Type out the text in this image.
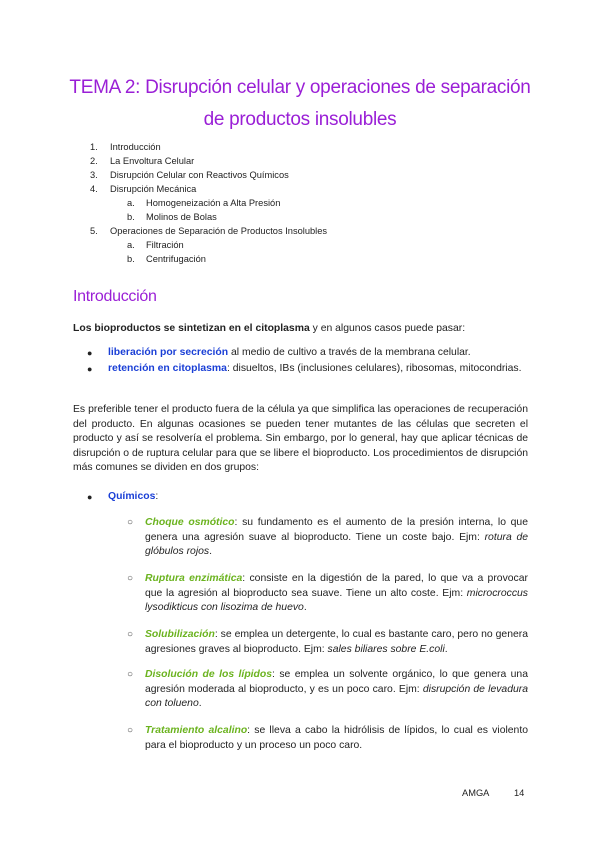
TEMA 2: Disrupción celular y operaciones de separación de productos insolubles
1.	Introducción
2.	La Envoltura Celular
3.	Disrupción Celular con Reactivos Químicos
4.	Disrupción Mecánica
a.	Homogeneización a Alta Presión
b.	Molinos de Bolas
5.	Operaciones de Separación de Productos Insolubles
a.	Filtración
b.	Centrifugación
Introducción
Los bioproductos se sintetizan en el citoplasma y en algunos casos puede pasar:
● liberación por secreción al medio de cultivo a través de la membrana celular.
● retención en citoplasma: disueltos, IBs (inclusiones celulares), ribosomas, mitocondrias.
Es preferible tener el producto fuera de la célula ya que simplifica las operaciones de recuperación del producto. En algunas ocasiones se pueden tener mutantes de las células que secreten el producto y así se resolvería el problema. Sin embargo, por lo general, hay que aplicar técnicas de disrupción o de ruptura celular para que se libere el bioproducto. Los procedimientos de disrupción más comunes se dividen en dos grupos:
● Químicos:
○ Choque osmótico: su fundamento es el aumento de la presión interna, lo que genera una agresión suave al bioproducto. Tiene un coste bajo. Ejm: rotura de glóbulos rojos.
○ Ruptura enzimática: consiste en la digestión de la pared, lo que va a provocar que la agresión al bioproducto sea suave. Tiene un alto coste. Ejm: microcroccus lysodikticus con lisozima de huevo.
○ Solubilización: se emplea un detergente, lo cual es bastante caro, pero no genera agresiones graves al bioproducto. Ejm: sales biliares sobre E.coli.
○ Disolución de los lípidos: se emplea un solvente orgánico, lo que genera una agresión moderada al bioproducto, y es un poco caro. Ejm: disrupción de levadura con tolueno.
○ Tratamiento alcalino: se lleva a cabo la hidrólisis de lípidos, lo cual es violento para el bioproducto y un proceso un poco caro.
AMGA	14
